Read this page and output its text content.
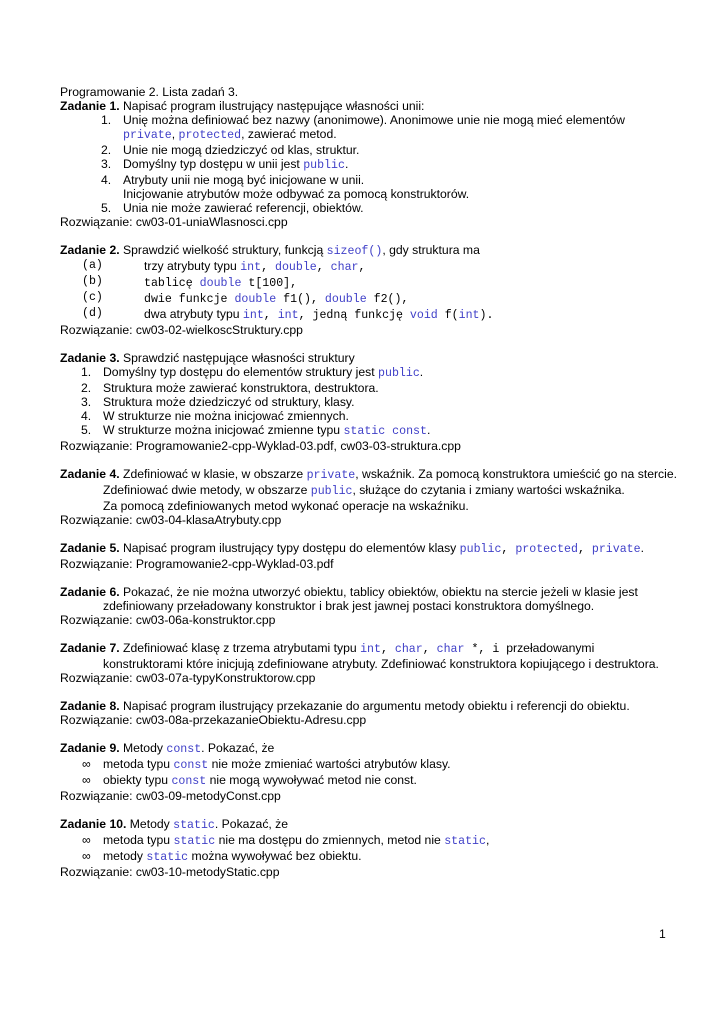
Programowanie 2. Lista zadań 3.
Zadanie 1. Napisać program ilustrujący następujące własności unii:
1. Unię można definiować bez nazwy (anonimowe). Anonimowe unie nie mogą mieć elementów
private, protected, zawierać metod.
2. Unie nie mogą dziedziczyć od klas, struktur.
3. Domyślny typ dostępu w unii jest public.
4. Atrybuty unii nie mogą być inicjowane w unii.
Inicjowanie atrybutów może odbywać za pomocą konstruktorów.
5. Unia nie może zawierać referencji, obiektów.
Rozwiązanie: cw03-01-uniaWlasnosci.cpp
Zadanie 2. Sprawdzić wielkość struktury, funkcją sizeof(), gdy struktura ma
(a)	trzy atrybuty typu int, double, char,
(b)	tablicę double t[100],
(c)	dwie funkcje double f1(), double f2(),
(d)	dwa atrybuty typu int, int, jedną funkcję void f(int).
Rozwiązanie: cw03-02-wielkoscStruktury.cpp
Zadanie 3. Sprawdzić następujące własności struktury
1. Domyślny typ dostępu do elementów struktury jest public.
2. Struktura może zawierać konstruktora, destruktora.
3. Struktura może dziedziczyć od struktury, klasy.
4. W strukturze nie można inicjować zmiennych.
5. W strukturze można inicjować zmienne typu static const.
Rozwiązanie: Programowanie2-cpp-Wyklad-03.pdf, cw03-03-struktura.cpp
Zadanie 4. Zdefiniować w klasie, w obszarze private, wskaźnik. Za pomocą konstruktora umieścić go na stercie.
Zdefiniować dwie metody, w obszarze public, służące do czytania i zmiany wartości wskaźnika.
Za pomocą zdefiniowanych metod wykonać operacje na wskaźniku.
Rozwiązanie: cw03-04-klasaAtrybuty.cpp
Zadanie 5. Napisać program ilustrujący typy dostępu do elementów klasy public, protected, private.
Rozwiązanie: Programowanie2-cpp-Wyklad-03.pdf
Zadanie 6. Pokazać, że nie można utworzyć obiektu, tablicy obiektów, obiektu na stercie jeżeli w klasie jest
zdefiniowany przeładowany konstruktor i brak jest jawnej postaci konstruktora domyślnego.
Rozwiązanie: cw03-06a-konstruktor.cpp
Zadanie 7. Zdefiniować klasę z trzema atrybutami typu int, char, char *, i przeładowanymi
konstruktorami które inicjują zdefiniowane atrybuty. Zdefiniować konstruktora kopiującego i destruktora.
Rozwiązanie: cw03-07a-typyKonstruktorow.cpp
Zadanie 8. Napisać program ilustrujący przekazanie do argumentu metody obiektu i referencji do obiektu.
Rozwiązanie: cw03-08a-przekazanieObiektu-Adresu.cpp
Zadanie 9. Metody const. Pokazać, że
∞ metoda typu const nie może zmieniać wartości atrybutów klasy.
∞ obiekty typu const nie mogą wywoływać metod nie const.
Rozwiązanie: cw03-09-metodyConst.cpp
Zadanie 10. Metody static. Pokazać, że
∞ metoda typu static nie ma dostępu do zmiennych, metod nie static,
∞ metody static można wywoływać bez obiektu.
Rozwiązanie: cw03-10-metodyStatic.cpp
1
